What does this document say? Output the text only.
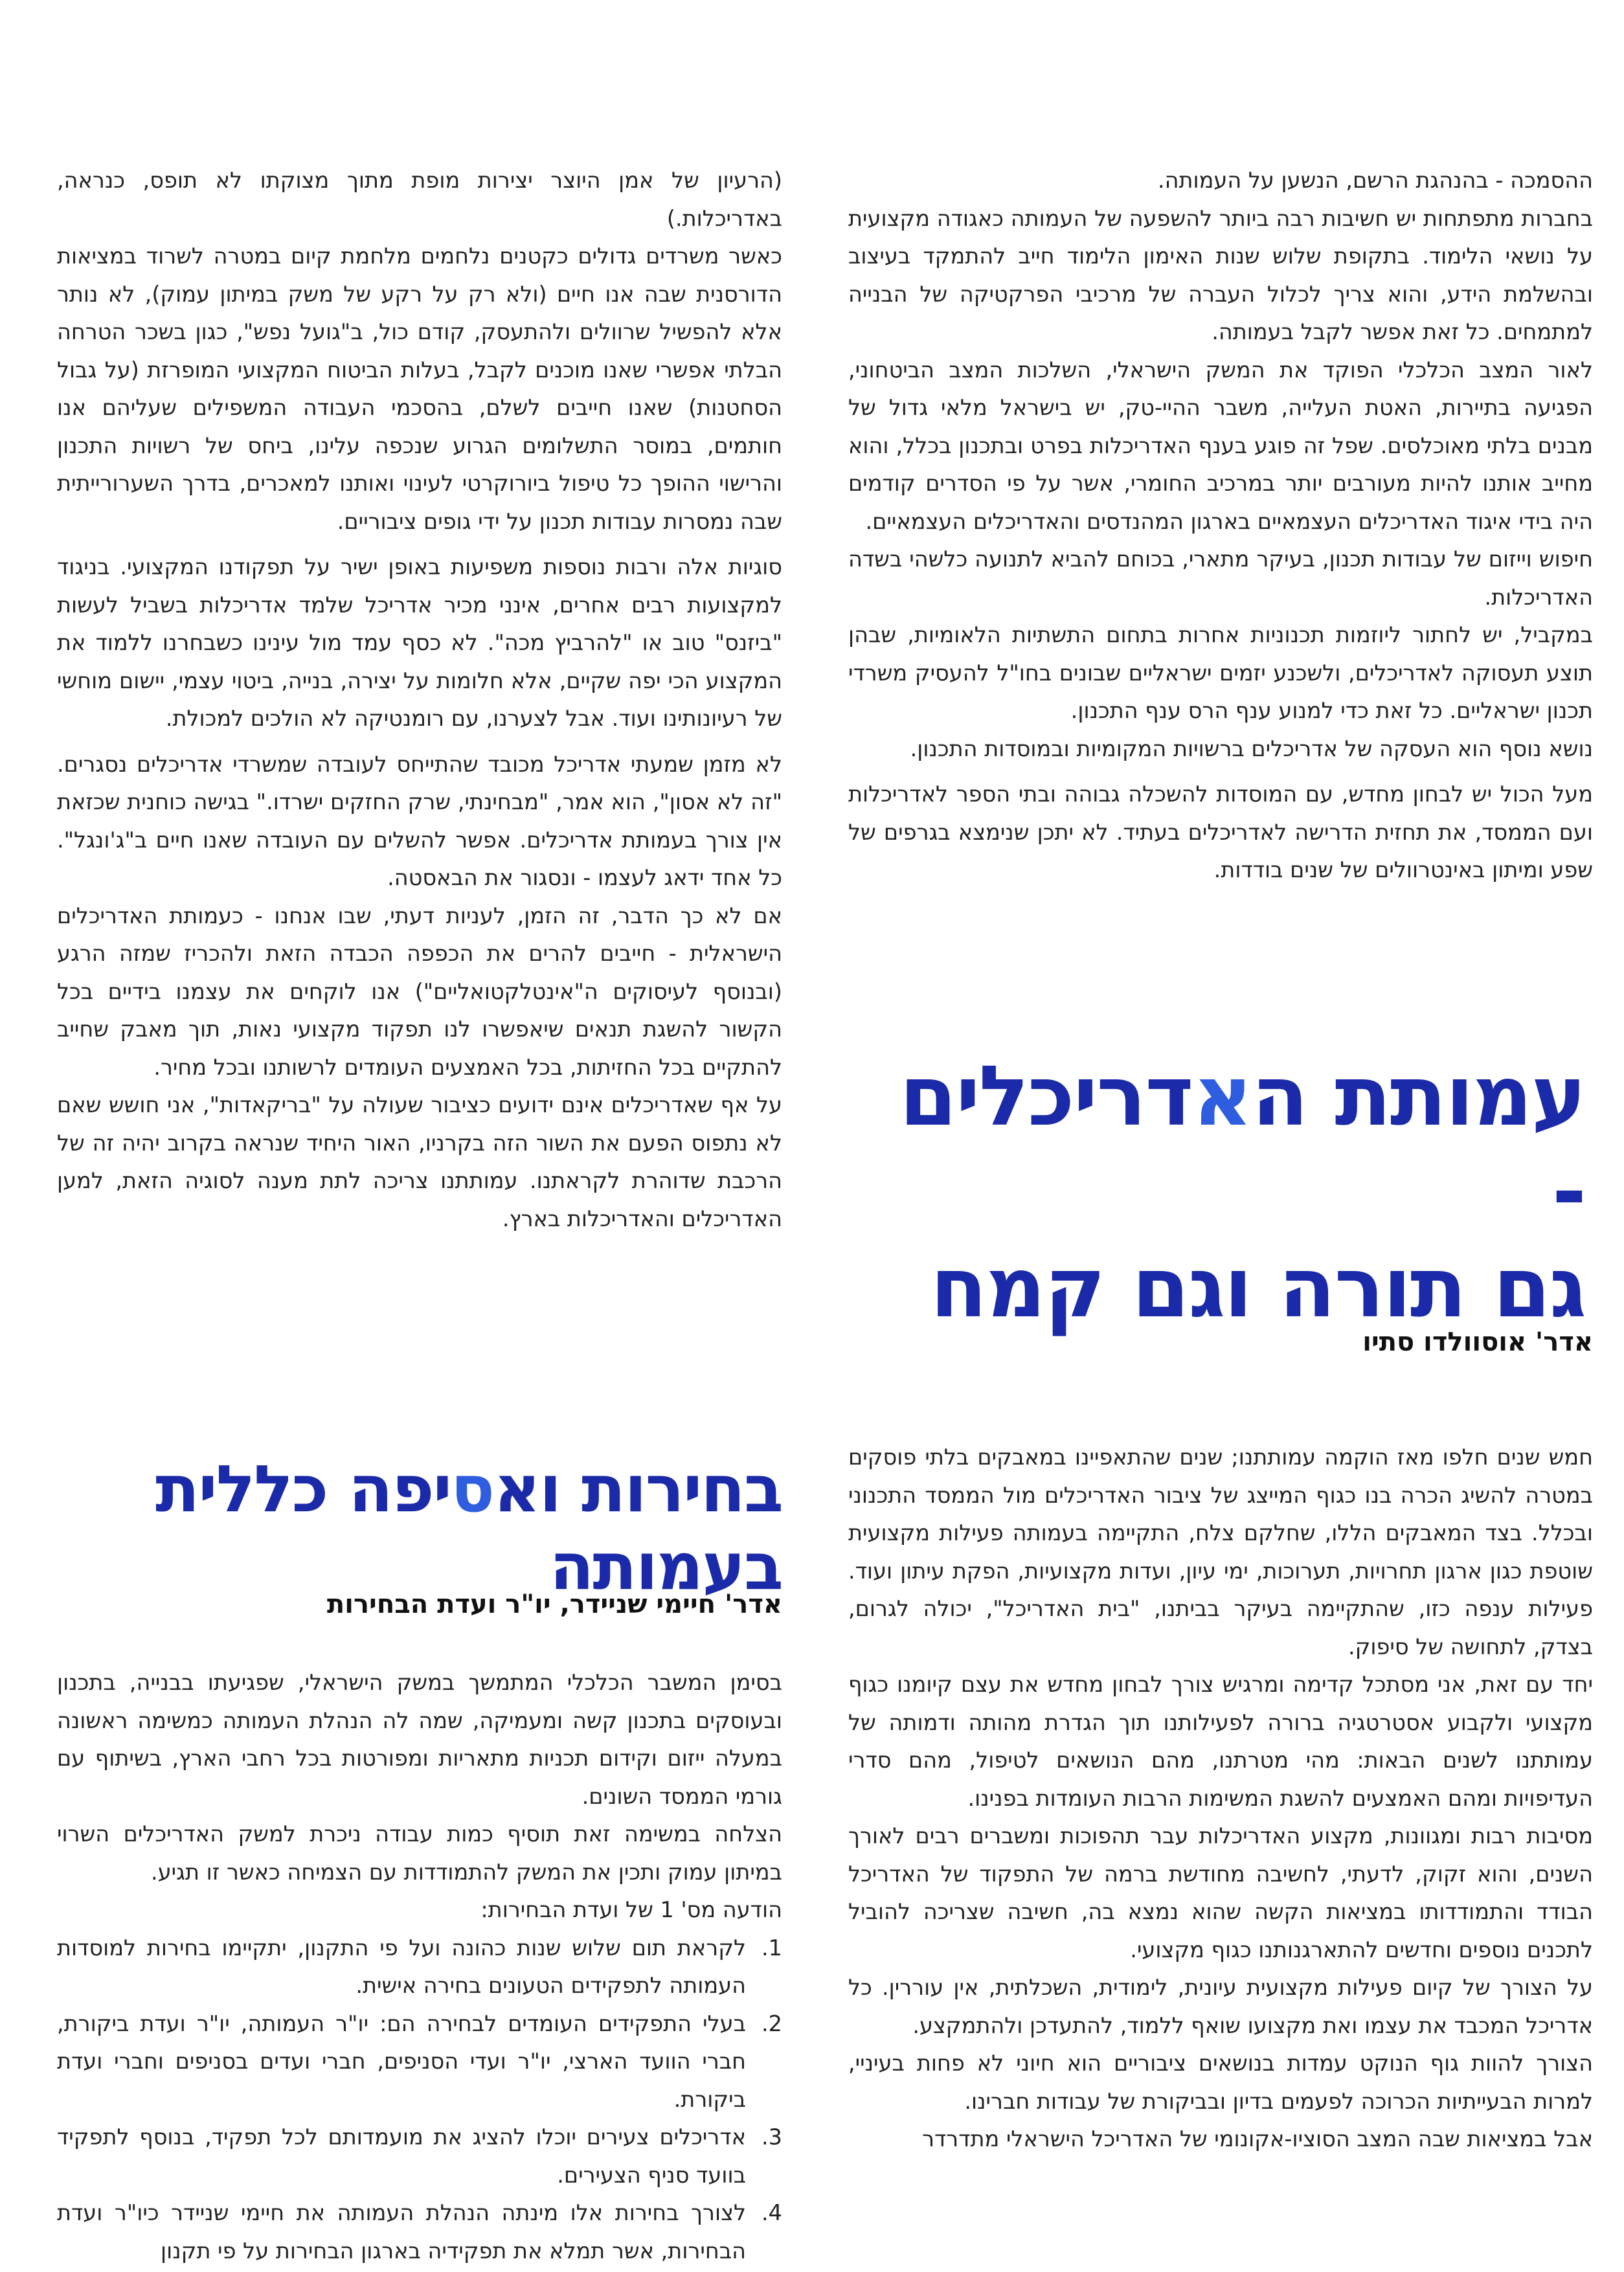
עמותת האדריכלים -
גם תורה וגם קמח
אדר' אוסוולדו סתיו

ההסמכה - בהנהגת הרשם, הנשען על העמותה.

בחברות מתפתחות יש חשיבות רבה ביותר להשפעה של העמותה כאגודה מקצועית על נושאי הלימוד. בתקופת שלוש שנות האימון הלימוד חייב להתמקד בעיצוב ובהשלמת הידע, והוא צריך לכלול העברה של מרכיבי הפרקטיקה של הבנייה למתמחים. כל זאת אפשר לקבל בעמותה.

לאור המצב הכלכלי הפוקד את המשק הישראלי, השלכות המצב הביטחוני, הפגיעה בתיירות, האטת העלייה, משבר ההיי-טק, יש בישראל מלאי גדול של מבנים בלתי מאוכלסים. שפל זה פוגע בענף האדריכלות בפרט ובתכנון בכלל, והוא מחייב אותנו להיות מעורבים יותר במרכיב החומרי, אשר על פי הסדרים קודמים היה בידי איגוד האדריכלים העצמאיים בארגון המהנדסים והאדריכלים העצמאיים.

חיפוש וייזום של עבודות תכנון, בעיקר מתארי, בכוחם להביא לתנועה כלשהי בשדה האדריכלות.

במקביל, יש לחתור ליוזמות תכנוניות אחרות בתחום התשתיות הלאומיות, שבהן תוצע תעסוקה לאדריכלים, ולשכנע יזמים ישראליים שבונים בחו"ל להעסיק משרדי תכנון ישראליים. כל זאת כדי למנוע ענף הרס ענף התכנון.

נושא נוסף הוא העסקה של אדריכלים ברשויות המקומיות ובמוסדות התכנון.

מעל הכול יש לבחון מחדש, עם המוסדות להשכלה גבוהה ובתי הספר לאדריכלות ועם הממסד, את תחזית הדרישה לאדריכלים בעתיד. לא יתכן שנימצא בגרפים של שפע ומיתון באינטרוולים של שנים בודדות.

(הרעיון של אמן היוצר יצירות מופת מתוך מצוקתו לא תופס, כנראה, באדריכלות.)

כאשר משרדים גדולים כקטנים נלחמים מלחמת קיום במטרה לשרוד במציאות הדורסנית שבה אנו חיים (ולא רק על רקע של משק במיתון עמוק), לא נותר אלא להפשיל שרוולים ולהתעסק, קודם כול, ב"גועל נפש", כגון בשכר הטרחה הבלתי אפשרי שאנו מוכנים לקבל, בעלות הביטוח המקצועי המופרזת (על גבול הסחטנות) שאנו חייבים לשלם, בהסכמי העבודה המשפילים שעליהם אנו חותמים, במוסר התשלומים הגרוע שנכפה עלינו, ביחס של רשויות התכנון והרישוי ההופך כל טיפול ביורוקרטי לעינוי ואותנו למאכרים, בדרך השערורייתית שבה נמסרות עבודות תכנון על ידי גופים ציבוריים.

סוגיות אלה ורבות נוספות משפיעות באופן ישיר על תפקודנו המקצועי. בניגוד למקצועות רבים אחרים, אינני מכיר אדריכל שלמד אדריכלות בשביל לעשות "ביזנס" טוב או "להרביץ מכה". לא כסף עמד מול עינינו כשבחרנו ללמוד את המקצוע הכי יפה שקיים, אלא חלומות על יצירה, בנייה, ביטוי עצמי, יישום מוחשי של רעיונותינו ועוד. אבל לצערנו, עם רומנטיקה לא הולכים למכולת.

לא מזמן שמעתי אדריכל מכובד שהתייחס לעובדה שמשרדי אדריכלים נסגרים. "זה לא אסון", הוא אמר, "מבחינתי, שרק החזקים ישרדו." בגישה כוחנית שכזאת אין צורך בעמותת אדריכלים. אפשר להשלים עם העובדה שאנו חיים ב"ג'ונגל". כל אחד ידאג לעצמו - ונסגור את הבאסטה.

אם לא כך הדבר, זה הזמן, לעניות דעתי, שבו אנחנו - כעמותת האדריכלים הישראלית - חייבים להרים את הכפפה הכבדה הזאת ולהכריז שמזה הרגע (ובנוסף לעיסוקים ה"אינטלקטואליים") אנו לוקחים את עצמנו בידיים בכל הקשור להשגת תנאים שיאפשרו לנו תפקוד מקצועי נאות, תוך מאבק שחייב להתקיים בכל החזיתות, בכל האמצעים העומדים לרשותנו ובכל מחיר.

על אף שאדריכלים אינם ידועים כציבור שעולה על "בריקאדות", אני חושש שאם לא נתפוס הפעם את השור הזה בקרניו, האור היחיד שנראה בקרוב יהיה זה של הרכבת שדוהרת לקראתנו. עמותתנו צריכה לתת מענה לסוגיה הזאת, למען האדריכלים והאדריכלות בארץ.

חמש שנים חלפו מאז הוקמה עמותתנו; שנים שהתאפיינו במאבקים בלתי פוסקים במטרה להשיג הכרה בנו כגוף המייצג של ציבור האדריכלים מול הממסד התכנוני ובכלל. בצד המאבקים הללו, שחלקם צלח, התקיימה בעמותה פעילות מקצועית שוטפת כגון ארגון תחרויות, תערוכות, ימי עיון, ועדות מקצועיות, הפקת עיתון ועוד. פעילות ענפה כזו, שהתקיימה בעיקר בביתנו, "בית האדריכל", יכולה לגרום, בצדק, לתחושה של סיפוק.

יחד עם זאת, אני מסתכל קדימה ומרגיש צורך לבחון מחדש את עצם קיומנו כגוף מקצועי ולקבוע אסטרטגיה ברורה לפעילותנו תוך הגדרת מהותה ודמותה של עמותתנו לשנים הבאות: מהי מטרתנו, מהם הנושאים לטיפול, מהם סדרי העדיפויות ומהם האמצעים להשגת המשימות הרבות העומדות בפנינו.

מסיבות רבות ומגוונות, מקצוע האדריכלות עבר תהפוכות ומשברים רבים לאורך השנים, והוא זקוק, לדעתי, לחשיבה מחודשת ברמה של התפקוד של האדריכל הבודד והתמודדותו במציאות הקשה שהוא נמצא בה, חשיבה שצריכה להוביל לתכנים נוספים וחדשים להתארגנותנו כגוף מקצועי.

על הצורך של קיום פעילות מקצועית עיונית, לימודית, השכלתית, אין עוררין. כל אדריכל המכבד את עצמו ואת מקצועו שואף ללמוד, להתעדכן ולהתמקצע.

הצורך להוות גוף הנוקט עמדות בנושאים ציבוריים הוא חיוני לא פחות בעיניי, למרות הבעייתיות הכרוכה לפעמים בדיון ובביקורת של עבודות חברינו.

אבל במציאות שבה המצב הסוציו-אקונומי של האדריכל הישראלי מתדרדר

בחירות ואסיפה כללית בעמותה
אדר' חיימי שניידר, יו"ר ועדת הבחירות

בסימן המשבר הכלכלי המתמשך במשק הישראלי, שפגיעתו בבנייה, בתכנון ובעוסקים בתכנון קשה ומעמיקה, שמה לה הנהלת העמותה כמשימה ראשונה במעלה ייזום וקידום תכניות מתאריות ומפורטות בכל רחבי הארץ, בשיתוף עם גורמי הממסד השונים.

הצלחה במשימה זאת תוסיף כמות עבודה ניכרת למשק האדריכלים השרוי במיתון עמוק ותכין את המשק להתמודדות עם הצמיחה כאשר זו תגיע.

הודעה מס' 1 של ועדת הבחירות:

1.
לקראת תום שלוש שנות כהונה ועל פי התקנון, יתקיימו בחירות למוסדות העמותה לתפקידים הטעונים בחירה אישית.
2.
בעלי התפקידים העומדים לבחירה הם: יו"ר העמותה, יו"ר ועדת ביקורת, חברי הוועד הארצי, יו"ר ועדי הסניפים, חברי ועדים בסניפים וחברי ועדת ביקורת.
3.
אדריכלים צעירים יוכלו להציג את מועמדותם לכל תפקיד, בנוסף לתפקיד בוועד סניף הצעירים.
4.
לצורך בחירות אלו מינתה הנהלת העמותה את חיימי שניידר כיו"ר ועדת הבחירות, אשר תמלא את תפקידיה בארגון הבחירות על פי תקנון
